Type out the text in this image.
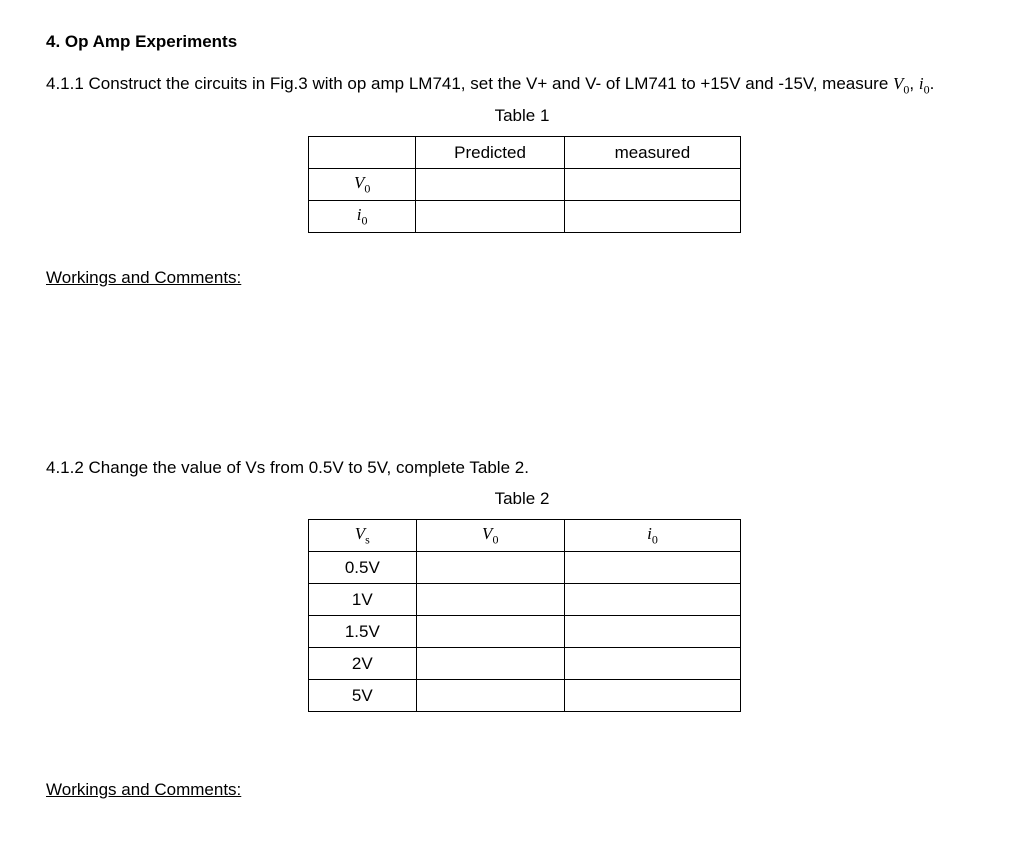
4. Op Amp Experiments
4.1.1 Construct the circuits in Fig.3 with op amp LM741, set the V+ and V- of LM741 to +15V and -15V, measure $V_0$, $i_0$.
Table 1
	Predicted	measured
$V_0$		
$i_0$		
Workings and Comments:
4.1.2 Change the value of Vs from 0.5V to 5V, complete Table 2.
Table 2
$V_s$	$V_0$	$i_0$
0.5V		
1V		
1.5V		
2V		
5V		
Workings and Comments:
